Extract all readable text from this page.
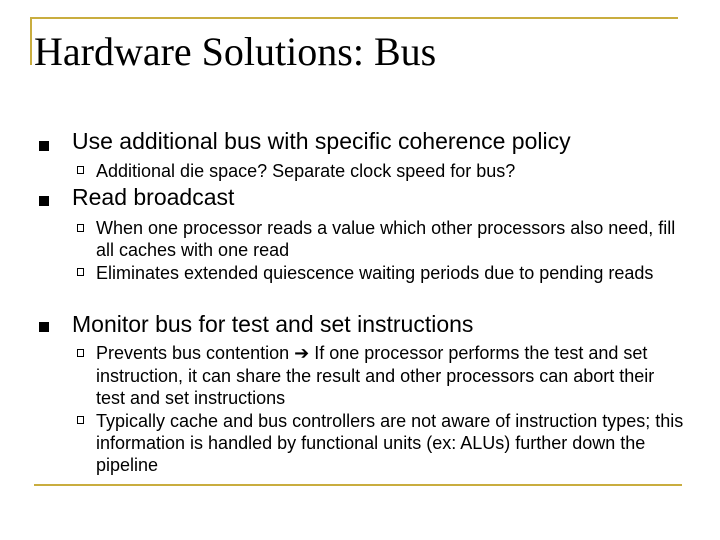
Hardware Solutions: Bus
Use additional bus with specific coherence policy
Additional die space? Separate clock speed for bus?
Read broadcast
When one processor reads a value which other processors also need, fill all caches with one read
Eliminates extended quiescence waiting periods due to pending reads
Monitor bus for test and set instructions
Prevents bus contention ➔ If one processor performs the test and set instruction, it can share the result and other processors can abort their test and set instructions
Typically cache and bus controllers are not aware of instruction types; this information is handled by functional units (ex: ALUs) further down the pipeline
